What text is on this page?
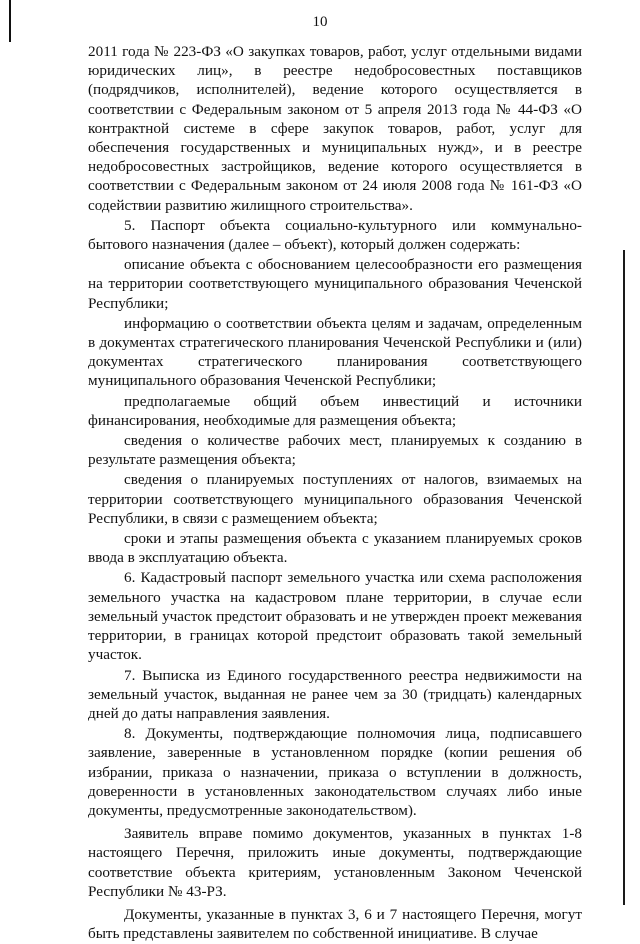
10

2011 года № 223-ФЗ «О закупках товаров, работ, услуг отдельными видами юридических лиц», в реестре недобросовестных поставщиков (подрядчиков, исполнителей), ведение которого осуществляется в соответствии с Федеральным законом от 5 апреля 2013 года № 44-ФЗ «О контрактной системе в сфере закупок товаров, работ, услуг для обеспечения государственных и муниципальных нужд», и в реестре недобросовестных застройщиков, ведение которого осуществляется в соответствии с Федеральным законом от 24 июля 2008 года № 161-ФЗ «О содействии развитию жилищного строительства».

5. Паспорт объекта социально-культурного или коммунально-бытового назначения (далее – объект), который должен содержать:

описание объекта с обоснованием целесообразности его размещения на территории соответствующего муниципального образования Чеченской Республики;

информацию о соответствии объекта целям и задачам, определенным в документах стратегического планирования Чеченской Республики и (или) документах стратегического планирования соответствующего муниципального образования Чеченской Республики;

предполагаемые общий объем инвестиций и источники финансирования, необходимые для размещения объекта;

сведения о количестве рабочих мест, планируемых к созданию в результате размещения объекта;

сведения о планируемых поступлениях от налогов, взимаемых на территории соответствующего муниципального образования Чеченской Республики, в связи с размещением объекта;

сроки и этапы размещения объекта с указанием планируемых сроков ввода в эксплуатацию объекта.

6. Кадастровый паспорт земельного участка или схема расположения земельного участка на кадастровом плане территории, в случае если земельный участок предстоит образовать и не утвержден проект межевания территории, в границах которой предстоит образовать такой земельный участок.

7. Выписка из Единого государственного реестра недвижимости на земельный участок, выданная не ранее чем за 30 (тридцать) календарных дней до даты направления заявления.

8. Документы, подтверждающие полномочия лица, подписавшего заявление, заверенные в установленном порядке (копии решения об избрании, приказа о назначении, приказа о вступлении в должность, доверенности в установленных законодательством случаях либо иные документы, предусмотренные законодательством).

Заявитель вправе помимо документов, указанных в пунктах 1-8 настоящего Перечня, приложить иные документы, подтверждающие соответствие объекта критериям, установленным Законом Чеченской Республики № 43-РЗ.

Документы, указанные в пунктах 3, 6 и 7 настоящего Перечня, могут быть представлены заявителем по собственной инициативе. В случае
